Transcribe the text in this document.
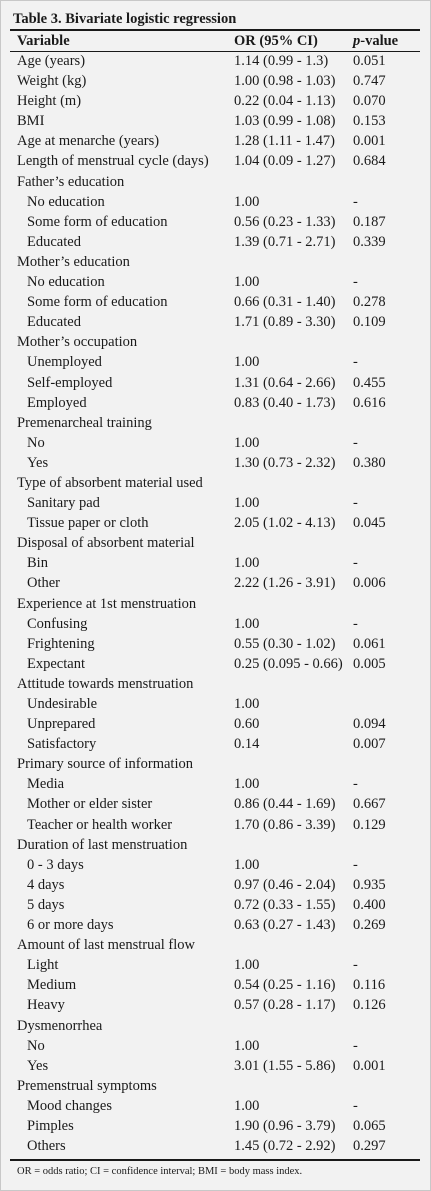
Table 3. Bivariate logistic regression
Variable	OR (95% CI) p-value
Age (years)	1.14 (0.99 - 1.3) 0.051
Weight (kg)	1.00 (0.98 - 1.03) 0.747
Height (m)	0.22 (0.04 - 1.13) 0.070
BMI	1.03 (0.99 - 1.08) 0.153
Age at menarche (years)	1.28 (1.11 - 1.47) 0.001
Length of menstrual cycle (days) 1.04 (0.09 - 1.27) 0.684
Father’s education
No education	1.00	-
Some form of education	0.56 (0.23 - 1.33) 0.187
Educated	1.39 (0.71 - 2.71) 0.339
Mother’s education
No education	1.00	-
Some form of education	0.66 (0.31 - 1.40) 0.278
Educated	1.71 (0.89 - 3.30) 0.109
Mother’s occupation
Unemployed	1.00	-
Self-employed	1.31 (0.64 - 2.66) 0.455
Employed	0.83 (0.40 - 1.73) 0.616
Premenarcheal training
No	1.00	-
Yes	1.30 (0.73 - 2.32) 0.380
Type of absorbent material used
Sanitary pad	1.00	-
Tissue paper or cloth	2.05 (1.02 - 4.13) 0.045
Disposal of absorbent material
Bin	1.00	-
Other	2.22 (1.26 - 3.91) 0.006
Experience at 1st menstruation
Confusing	1.00	-
Frightening	0.55 (0.30 - 1.02) 0.061
Expectant	0.25 (0.095 - 0.66) 0.005
Attitude towards menstruation
Undesirable	1.00
Unprepared	0.60	0.094
Satisfactory	0.14	0.007
Primary source of information
Media	1.00	-
Mother or elder sister	0.86 (0.44 - 1.69) 0.667
Teacher or health worker	1.70 (0.86 - 3.39) 0.129
Duration of last menstruation
0 - 3 days	1.00	-
4 days	0.97 (0.46 - 2.04) 0.935
5 days	0.72 (0.33 - 1.55) 0.400
6 or more days	0.63 (0.27 - 1.43) 0.269
Amount of last menstrual flow
Light	1.00	-
Medium	0.54 (0.25 - 1.16) 0.116
Heavy	0.57 (0.28 - 1.17) 0.126
Dysmenorrhea
No	1.00	-
Yes	3.01 (1.55 - 5.86) 0.001
Premenstrual symptoms
Mood changes	1.00	-
Pimples	1.90 (0.96 - 3.79) 0.065
Others	1.45 (0.72 - 2.92) 0.297
OR = odds ratio; CI = confidence interval; BMI = body mass index.
